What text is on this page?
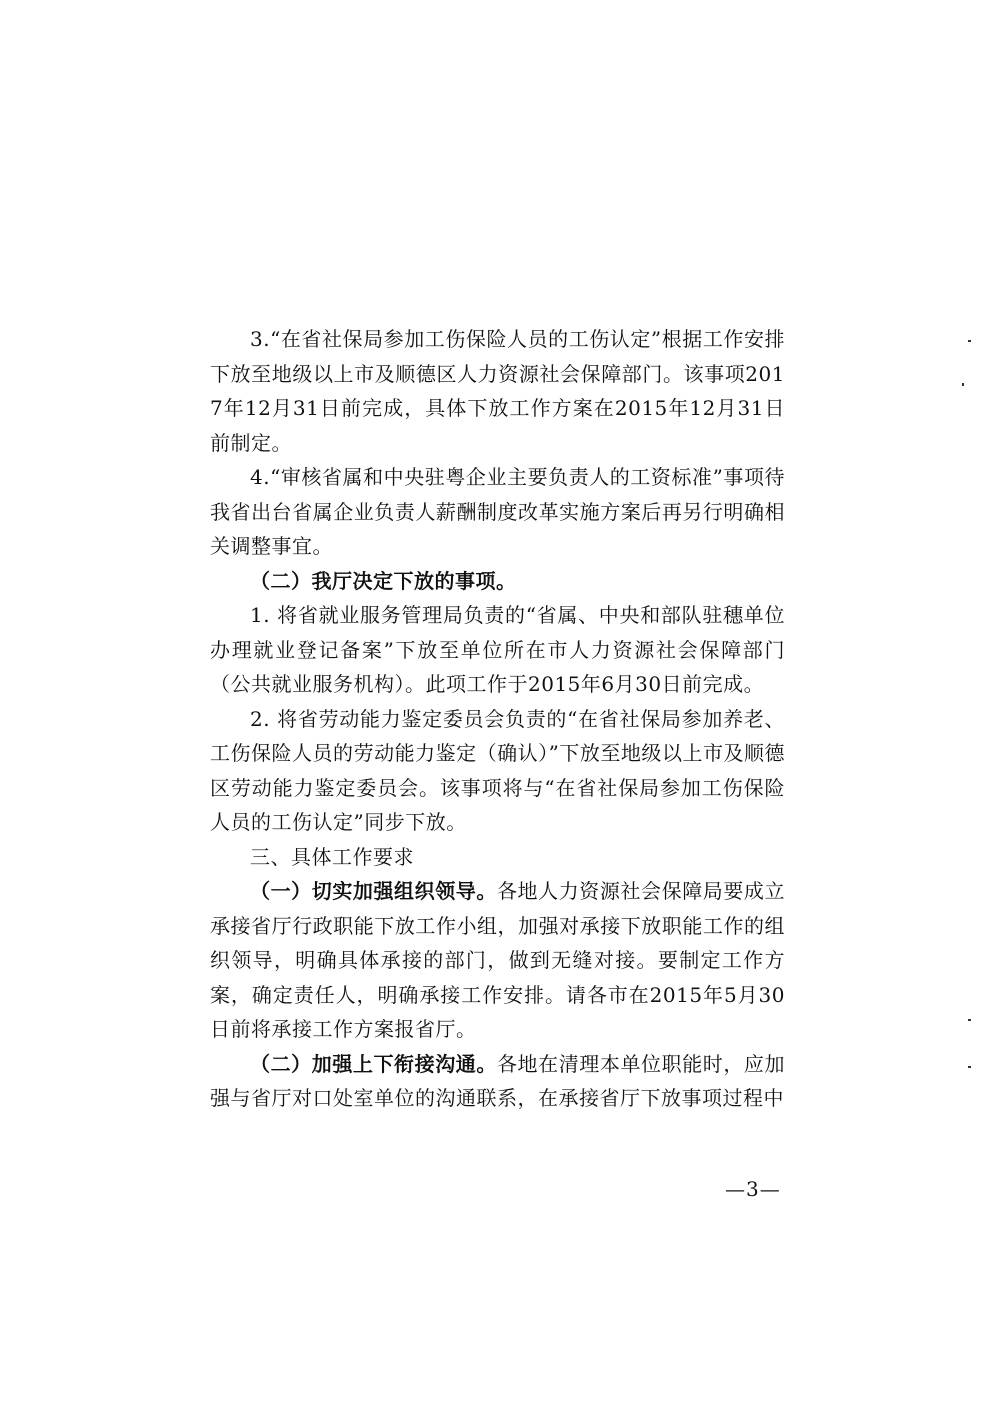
3.“在省社保局参加工伤保险人员的工伤认定”根据工作安排下放至地级以上市及顺德区人力资源社会保障部门。该事项2017年12月31日前完成，具体下放工作方案在2015年12月31日前制定。

4.“审核省属和中央驻粤企业主要负责人的工资标准”事项待我省出台省属企业负责人薪酬制度改革实施方案后再另行明确相关调整事宜。

（二）我厅决定下放的事项。

1. 将省就业服务管理局负责的“省属、中央和部队驻穗单位办理就业登记备案”下放至单位所在市人力资源社会保障部门（公共就业服务机构）。此项工作于2015年6月30日前完成。

2. 将省劳动能力鉴定委员会负责的“在省社保局参加养老、工伤保险人员的劳动能力鉴定（确认）”下放至地级以上市及顺德区劳动能力鉴定委员会。该事项将与“在省社保局参加工伤保险人员的工伤认定”同步下放。

三、具体工作要求

（一）切实加强组织领导。各地人力资源社会保障局要成立承接省厅行政职能下放工作小组，加强对承接下放职能工作的组织领导，明确具体承接的部门，做到无缝对接。要制定工作方案，确定责任人，明确承接工作安排。请各市在2015年5月30日前将承接工作方案报省厅。

（二）加强上下衔接沟通。各地在清理本单位职能时，应加强与省厅对口处室单位的沟通联系，在承接省厅下放事项过程中

—3—
